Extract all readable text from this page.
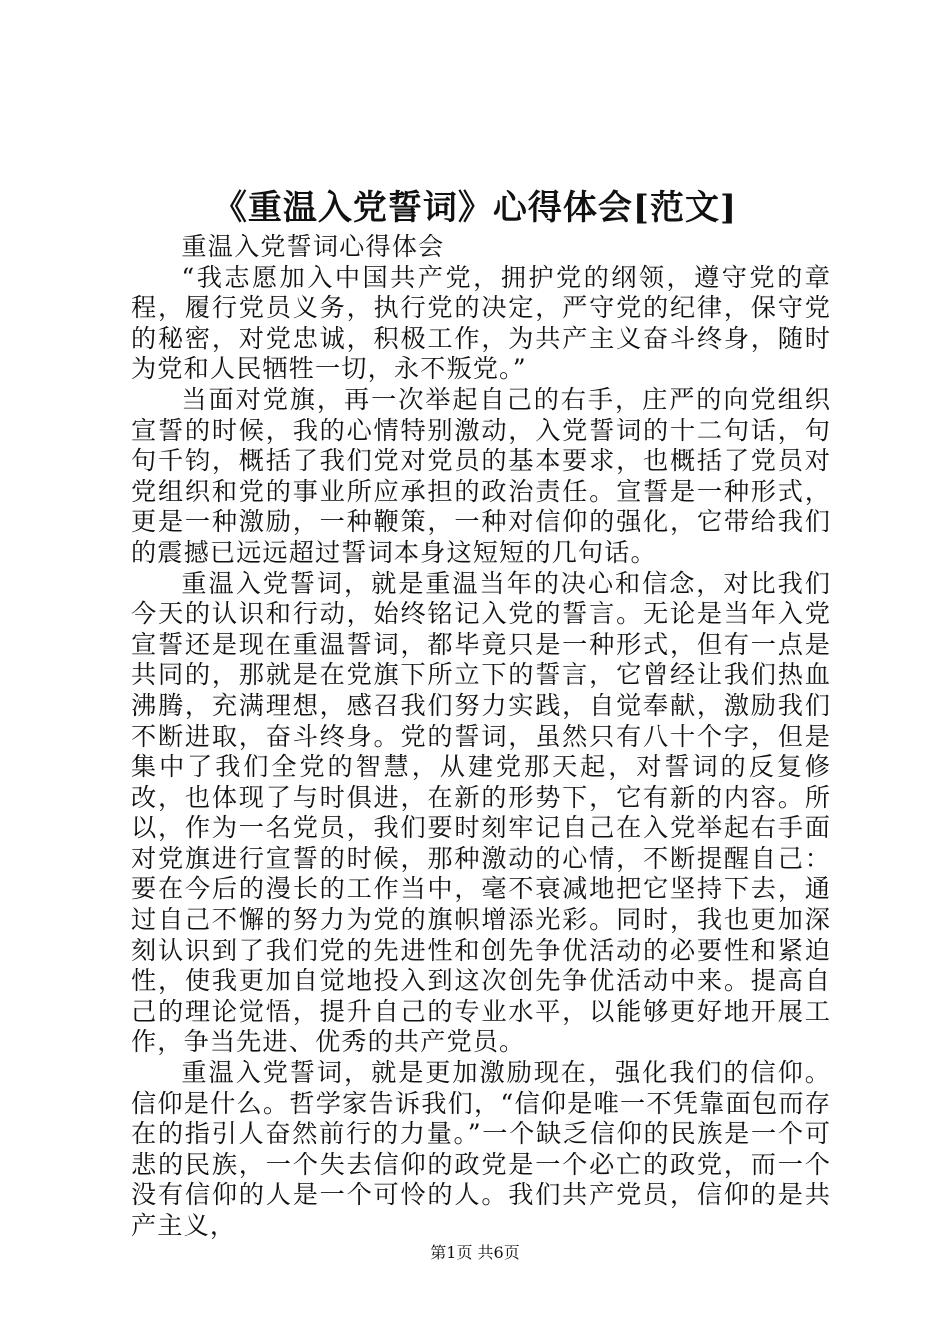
《重温入党誓词》心得体会[范文]

重温入党誓词心得体会

“我志愿加入中国共产党，拥护党的纲领，遵守党的章程，履行党员义务，执行党的决定，严守党的纪律，保守党的秘密，对党忠诚，积极工作，为共产主义奋斗终身，随时为党和人民牺牲一切，永不叛党。”

当面对党旗，再一次举起自己的右手，庄严的向党组织宣誓的时候，我的心情特别激动，入党誓词的十二句话，句句千钧，概括了我们党对党员的基本要求，也概括了党员对党组织和党的事业所应承担的政治责任。宣誓是一种形式，更是一种激励，一种鞭策，一种对信仰的强化，它带给我们的震撼已远远超过誓词本身这短短的几句话。

重温入党誓词，就是重温当年的决心和信念，对比我们今天的认识和行动，始终铭记入党的誓言。无论是当年入党宣誓还是现在重温誓词，都毕竟只是一种形式，但有一点是共同的，那就是在党旗下所立下的誓言，它曾经让我们热血沸腾，充满理想，感召我们努力实践，自觉奉献，激励我们不断进取，奋斗终身。党的誓词，虽然只有八十个字，但是集中了我们全党的智慧，从建党那天起，对誓词的反复修改，也体现了与时俱进，在新的形势下，它有新的内容。所以，作为一名党员，我们要时刻牢记自己在入党举起右手面对党旗进行宣誓的时候，那种激动的心情，不断提醒自己：要在今后的漫长的工作当中，毫不衰减地把它坚持下去，通过自己不懈的努力为党的旗帜增添光彩。同时，我也更加深刻认识到了我们党的先进性和创先争优活动的必要性和紧迫性，使我更加自觉地投入到这次创先争优活动中来。提高自己的理论觉悟，提升自己的专业水平，以能够更好地开展工作，争当先进、优秀的共产党员。

重温入党誓词，就是更加激励现在，强化我们的信仰。信仰是什么。哲学家告诉我们，“信仰是唯一不凭靠面包而存在的指引人奋然前行的力量。”一个缺乏信仰的民族是一个可悲的民族，一个失去信仰的政党是一个必亡的政党，而一个没有信仰的人是一个可怜的人。我们共产党员，信仰的是共产主义，

第1页 共6页
